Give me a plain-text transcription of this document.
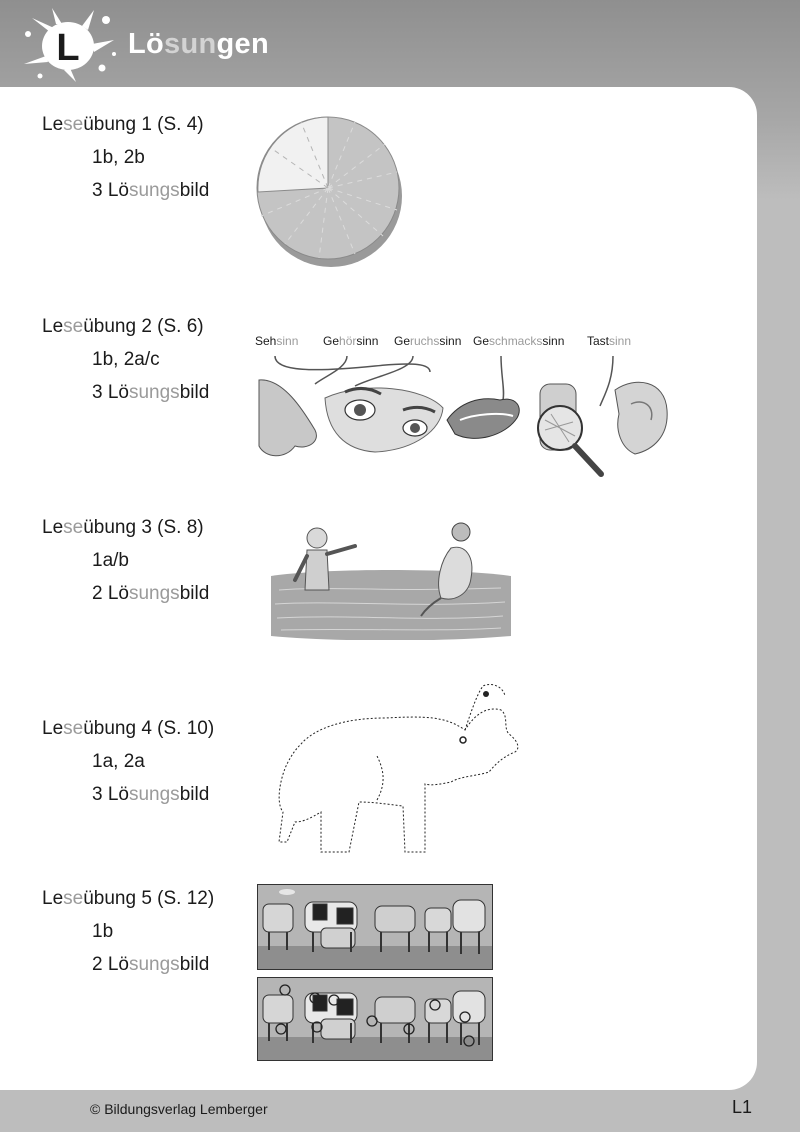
L Lösungen
Leseübung 1 (S. 4)
1b, 2b
3 Lösungsbild
Leseübung 2 (S. 6)
1b, 2a/c
3 Lösungsbild
Sehsinn Gehörsinn Geruchssinn Geschmackssinn Tastsinn
Leseübung 3 (S. 8)
1a/b
2 Lösungsbild
Leseübung 4 (S. 10)
1a, 2a
3 Lösungsbild
Leseübung 5 (S. 12)
1b
2 Lösungsbild
© Bildungsverlag Lemberger	L1
